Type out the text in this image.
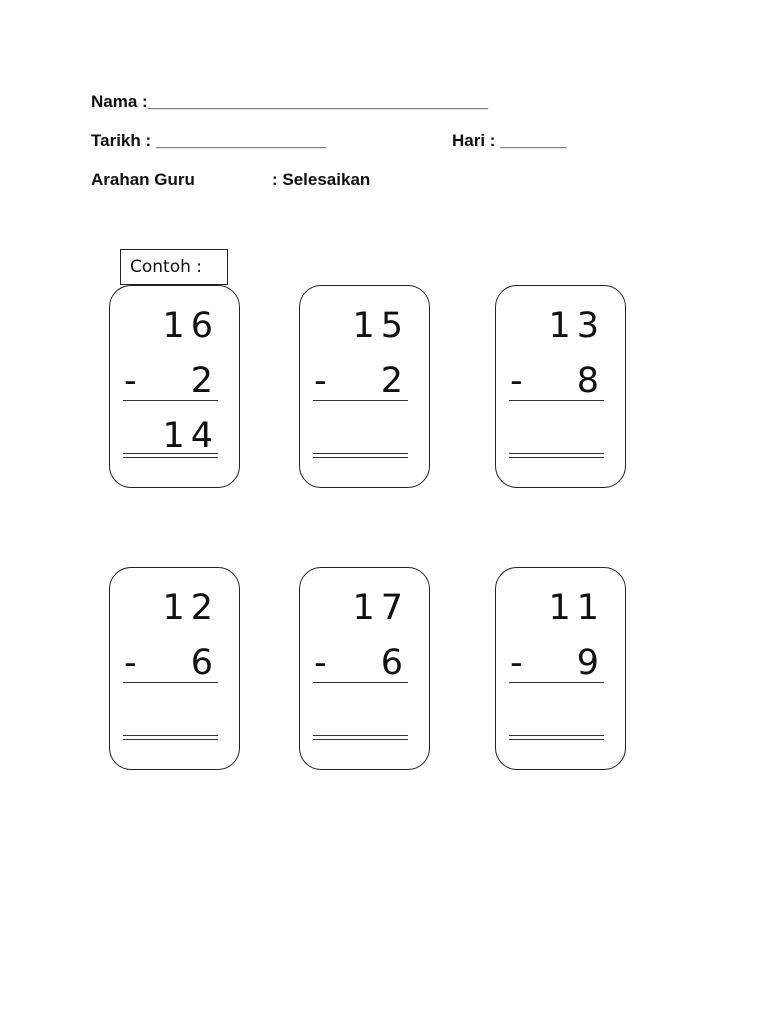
Nama :____________________________________
Tarikh : __________________	Hari : _______
Arahan Guru	: Selesaikan
16
- 2
14
Contoh :
15
- 2
13
- 8
12
- 6
17
- 6
11
- 9
